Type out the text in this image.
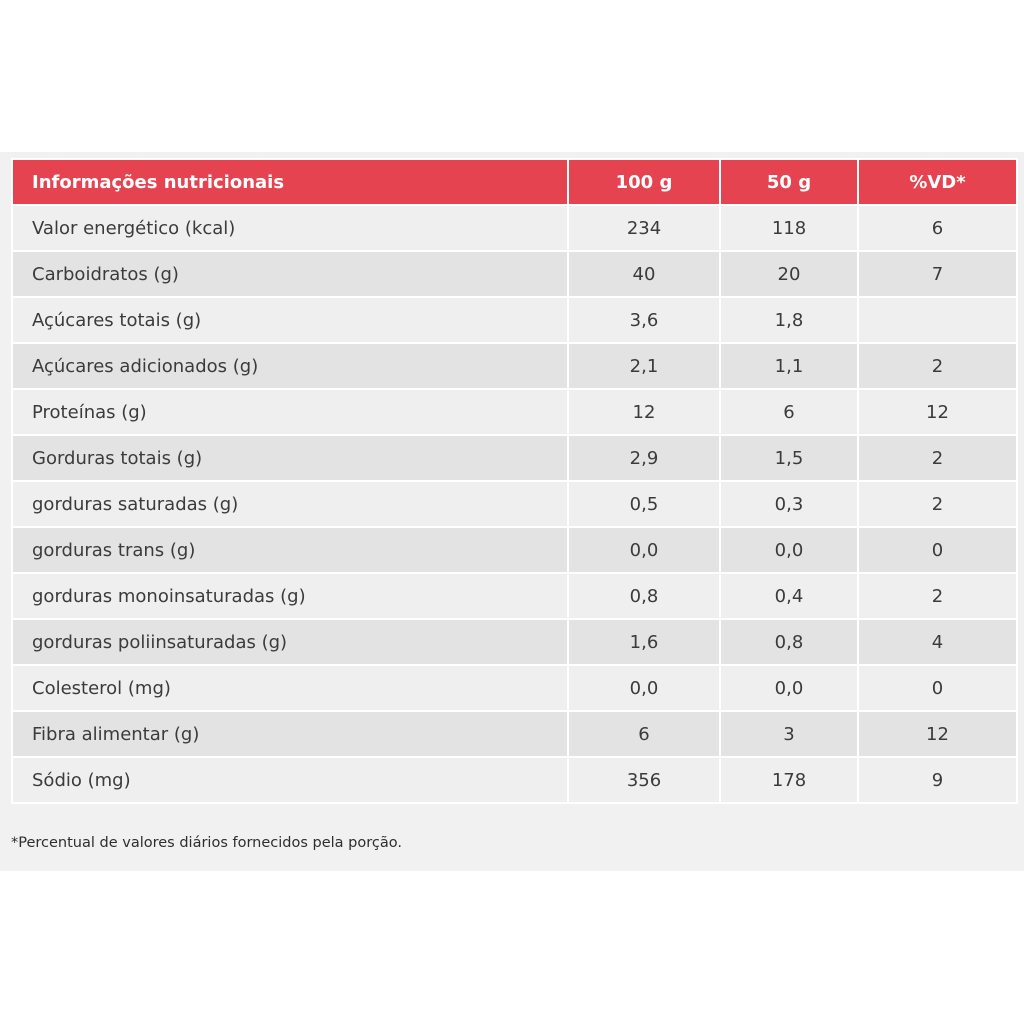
Informações nutricionais	100 g	50 g	%VD*
Valor energético (kcal)	234	118	6
Carboidratos (g)	40	20	7
Açúcares totais (g)	3,6	1,8	
Açúcares adicionados (g)	2,1	1,1	2
Proteínas (g)	12	6	12
Gorduras totais (g)	2,9	1,5	2
gorduras saturadas (g)	0,5	0,3	2
gorduras trans (g)	0,0	0,0	0
gorduras monoinsaturadas (g)	0,8	0,4	2
gorduras poliinsaturadas (g)	1,6	0,8	4
Colesterol (mg)	0,0	0,0	0
Fibra alimentar (g)	6	3	12
Sódio (mg)	356	178	9
*Percentual de valores diários fornecidos pela porção.
